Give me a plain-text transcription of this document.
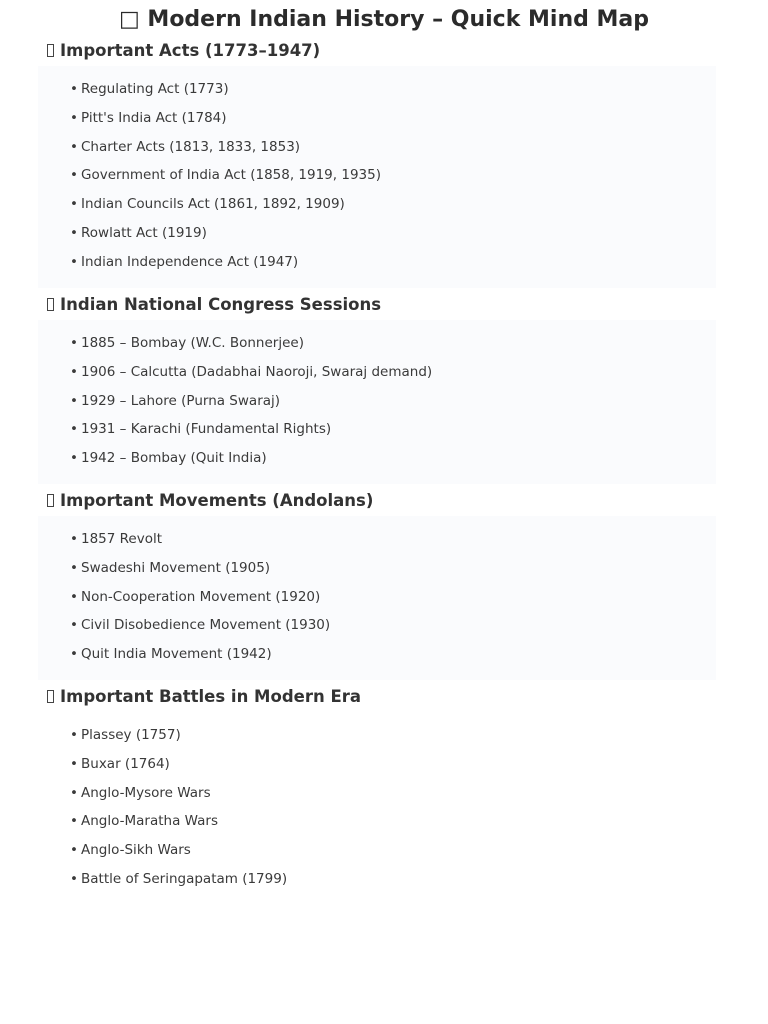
□ Modern Indian History – Quick Mind Map
Important Acts (1773–1947)
• Regulating Act (1773)
• Pitt's India Act (1784)
• Charter Acts (1813, 1833, 1853)
• Government of India Act (1858, 1919, 1935)
• Indian Councils Act (1861, 1892, 1909)
• Rowlatt Act (1919)
• Indian Independence Act (1947)
Indian National Congress Sessions
• 1885 – Bombay (W.C. Bonnerjee)
• 1906 – Calcutta (Dadabhai Naoroji, Swaraj demand)
• 1929 – Lahore (Purna Swaraj)
• 1931 – Karachi (Fundamental Rights)
• 1942 – Bombay (Quit India)
Important Movements (Andolans)
• 1857 Revolt
• Swadeshi Movement (1905)
• Non-Cooperation Movement (1920)
• Civil Disobedience Movement (1930)
• Quit India Movement (1942)
Important Battles in Modern Era
• Plassey (1757)
• Buxar (1764)
• Anglo-Mysore Wars
• Anglo-Maratha Wars
• Anglo-Sikh Wars
• Battle of Seringapatam (1799)
